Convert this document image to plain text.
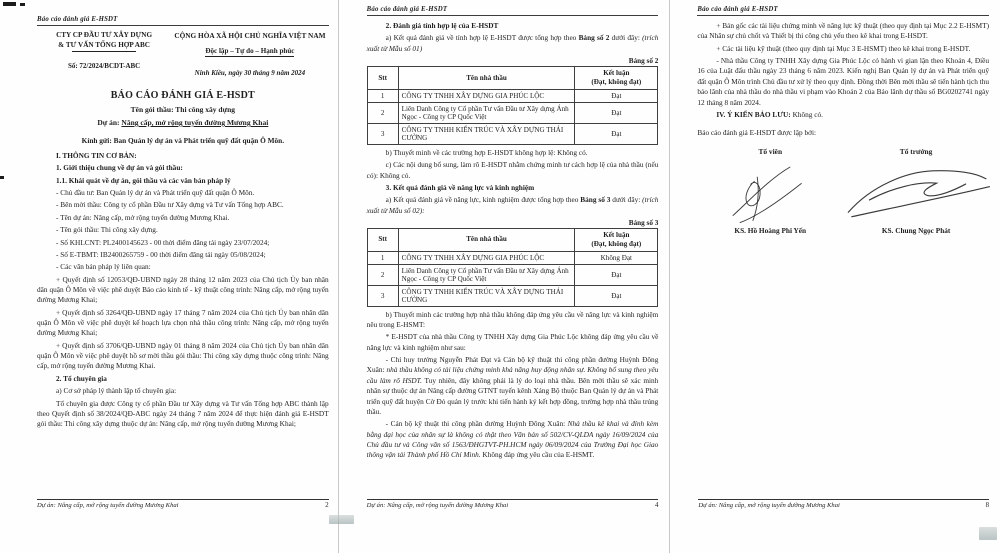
Báo cáo đánh giá E-HSDT
CTY CP ĐẦU TƯ XÂY DỰNG
& TƯ VẤN TỔNG HỢP ABC
Số: 72/2024/BCDT-ABC
CỘNG HÒA XÃ HỘI CHỦ NGHĨA VIỆT NAM
Độc lập – Tự do – Hạnh phúc
Ninh Kiều, ngày 30 tháng 9 năm 2024
BÁO CÁO ĐÁNH GIÁ E-HSDT
Tên gói thầu: Thi công xây dựng
Dự án: Nâng cấp, mở rộng tuyến đường Mương Khai
Kính gửi: Ban Quản lý dự án và Phát triển quỹ đất quận Ô Môn.

I. THÔNG TIN CƠ BẢN:

1. Giới thiệu chung về dự án và gói thầu:

1.1. Khái quát về dự án, gói thầu và các văn bản pháp lý

- Chủ đầu tư: Ban Quản lý dự án và Phát triển quỹ đất quận Ô Môn.

- Bên mời thầu: Công ty cổ phần Đầu tư Xây dựng và Tư vấn Tổng hợp ABC.

- Tên dự án: Nâng cấp, mở rộng tuyến đường Mương Khai.

- Tên gói thầu: Thi công xây dựng.

- Số KHLCNT: PL2400145623 - 00 thời điểm đăng tải ngày 23/07/2024;

- Số E-TBMT: IB2400265759 - 00 thời điểm đăng tải ngày 05/08/2024;

- Các văn bản pháp lý liên quan:

+ Quyết định số 12053/QĐ-UBND ngày 28 tháng 12 năm 2023 của Chủ tịch Ủy ban nhân dân quận Ô Môn về việc phê duyệt Báo cáo kinh tế - kỹ thuật công trình: Nâng cấp, mở rộng tuyến đường Mương Khai;

+ Quyết định số 3264/QĐ-UBND ngày 17 tháng 7 năm 2024 của Chủ tịch Ủy ban nhân dân quận Ô Môn về việc phê duyệt kế hoạch lựa chọn nhà thầu công trình: Nâng cấp, mở rộng tuyến đường Mương Khai;

+ Quyết định số 3706/QĐ-UBND ngày 01 tháng 8 năm 2024 của Chủ tịch Ủy ban nhân dân quận Ô Môn về việc phê duyệt hồ sơ mời thầu gói thầu: Thi công xây dựng thuộc công trình: Nâng cấp, mở rộng tuyến đường Mương Khai.

2. Tổ chuyên gia

a) Cơ sở pháp lý thành lập tổ chuyên gia:

Tổ chuyên gia được Công ty cổ phần Đầu tư Xây dựng và Tư vấn Tổng hợp ABC thành lập theo Quyết định số 38/2024/QĐ-ABC ngày 24 tháng 7 năm 2024 để thực hiện đánh giá E-HSDT gói thầu: Thi công xây dựng thuộc dự án: Nâng cấp, mở rộng tuyến đường Mương Khai;

Dự án: Nâng cấp, mở rộng tuyến đường Mương Khai	2
Báo cáo đánh giá E-HSDT

2. Đánh giá tính hợp lệ của E-HSDT

a) Kết quả đánh giá về tính hợp lệ E-HSDT được tổng hợp theo Bảng số 2 dưới đây: (trích xuất từ Mẫu số 01)

Bảng số 2
Stt	Tên nhà thầu	Kết luận
(Đạt, không đạt)

1	CÔNG TY TNHH XÂY DỰNG GIA PHÚC LỘC	Đạt
2	Liên Danh Công ty Cổ phần Tư vấn Đầu tư Xây dựng Ánh Ngọc - Công ty CP Quốc Việt	Đạt
3	CÔNG TY TNHH KIẾN TRÚC VÀ XÂY DỰNG THÁI CƯỜNG	Đạt

b) Thuyết minh về các trường hợp E-HSDT không hợp lệ: Không có.

c) Các nội dung bổ sung, làm rõ E-HSDT nhằm chứng minh tư cách hợp lệ của nhà thầu (nếu có): Không có.

3. Kết quả đánh giá về năng lực và kinh nghiệm

a) Kết quả đánh giá về năng lực, kinh nghiệm được tổng hợp theo Bảng số 3 dưới đây: (trích xuất từ Mẫu số 02):

Bảng số 3
Stt	Tên nhà thầu	Kết luận
(Đạt, không đạt)

1	CÔNG TY TNHH XÂY DỰNG GIA PHÚC LỘC	Không Đạt
2	Liên Danh Công ty Cổ phần Tư vấn Đầu tư Xây dựng Ánh Ngọc - Công ty CP Quốc Việt	Đạt
3	CÔNG TY TNHH KIẾN TRÚC VÀ XÂY DỰNG THÁI CƯỜNG	Đạt

b) Thuyết minh các trường hợp nhà thầu không đáp ứng yêu cầu về năng lực và kinh nghiệm nêu trong E-HSMT:

* E-HSDT của nhà thầu Công ty TNHH Xây dựng Gia Phúc Lộc không đáp ứng yêu cầu về năng lực và kinh nghiệm như sau:

- Chỉ huy trưởng Nguyễn Phát Đạt và Cán bộ kỹ thuật thi công phần đường Huỳnh Đông Xuân: nhà thầu không có tài liệu chứng minh khả năng huy động nhân sự. Không bổ sung theo yêu cầu làm rõ HSDT. Tuy nhiên, đây không phải là lý do loại nhà thầu. Bên mời thầu sẽ xác minh nhân sự thuộc dự án Nâng cấp đường GTNT tuyến kênh Xáng Bộ thuộc Ban Quản lý dự án và Phát triển quỹ đất huyện Cờ Đỏ quản lý trước khi tiến hành ký kết hợp đồng, trường hợp nhà thầu trúng thầu.

- Cán bộ kỹ thuật thi công phần đường Huỳnh Đông Xuân: Nhà thầu kê khai và đính kèm bằng đại học của nhân sự là không có thật theo Văn bản số 502/CV-QLDA ngày 16/09/2024 của Chủ đầu tư và Công văn số 1563/ĐHGTVT-PH.HCM ngày 06/09/2024 của Trường Đại học Giao thông vận tải Thành phố Hồ Chí Minh. Không đáp ứng yêu cầu của E-HSMT.

Dự án: Nâng cấp, mở rộng tuyến đường Mương Khai	4
Báo cáo đánh giá E-HSDT

+ Bản gốc các tài liệu chứng minh về năng lực kỹ thuật (theo quy định tại Mục 2.2 E-HSMT) của Nhân sự chủ chốt và Thiết bị thi công chủ yếu theo kê khai trong E-HSDT.

+ Các tài liệu kỹ thuật (theo quy định tại Mục 3 E-HSMT) theo kê khai trong E-HSDT.

- Nhà thầu Công ty TNHH Xây dựng Gia Phúc Lộc có hành vi gian lận theo Khoản 4, Điều 16 của Luật đấu thầu ngày 23 tháng 6 năm 2023. Kiến nghị Ban Quản lý dự án và Phát triển quỹ đất quận Ô Môn trình Chủ đầu tư xử lý theo quy định. Đồng thời Bên mời thầu sẽ tiến hành tịch thu bảo lãnh của nhà thầu do nhà thầu vi phạm vào Khoản 2 của Bảo lãnh dự thầu số BG0202741 ngày 12 tháng 8 năm 2024.

IV. Ý KIẾN BẢO LƯU: Không có.

Báo cáo đánh giá E-HSDT được lập bởi:

Tổ viên
KS. Hồ Hoàng Phi Yến
Tổ trưởng
KS. Chung Ngọc Phát
Dự án: Nâng cấp, mở rộng tuyến đường Mương Khai	8
